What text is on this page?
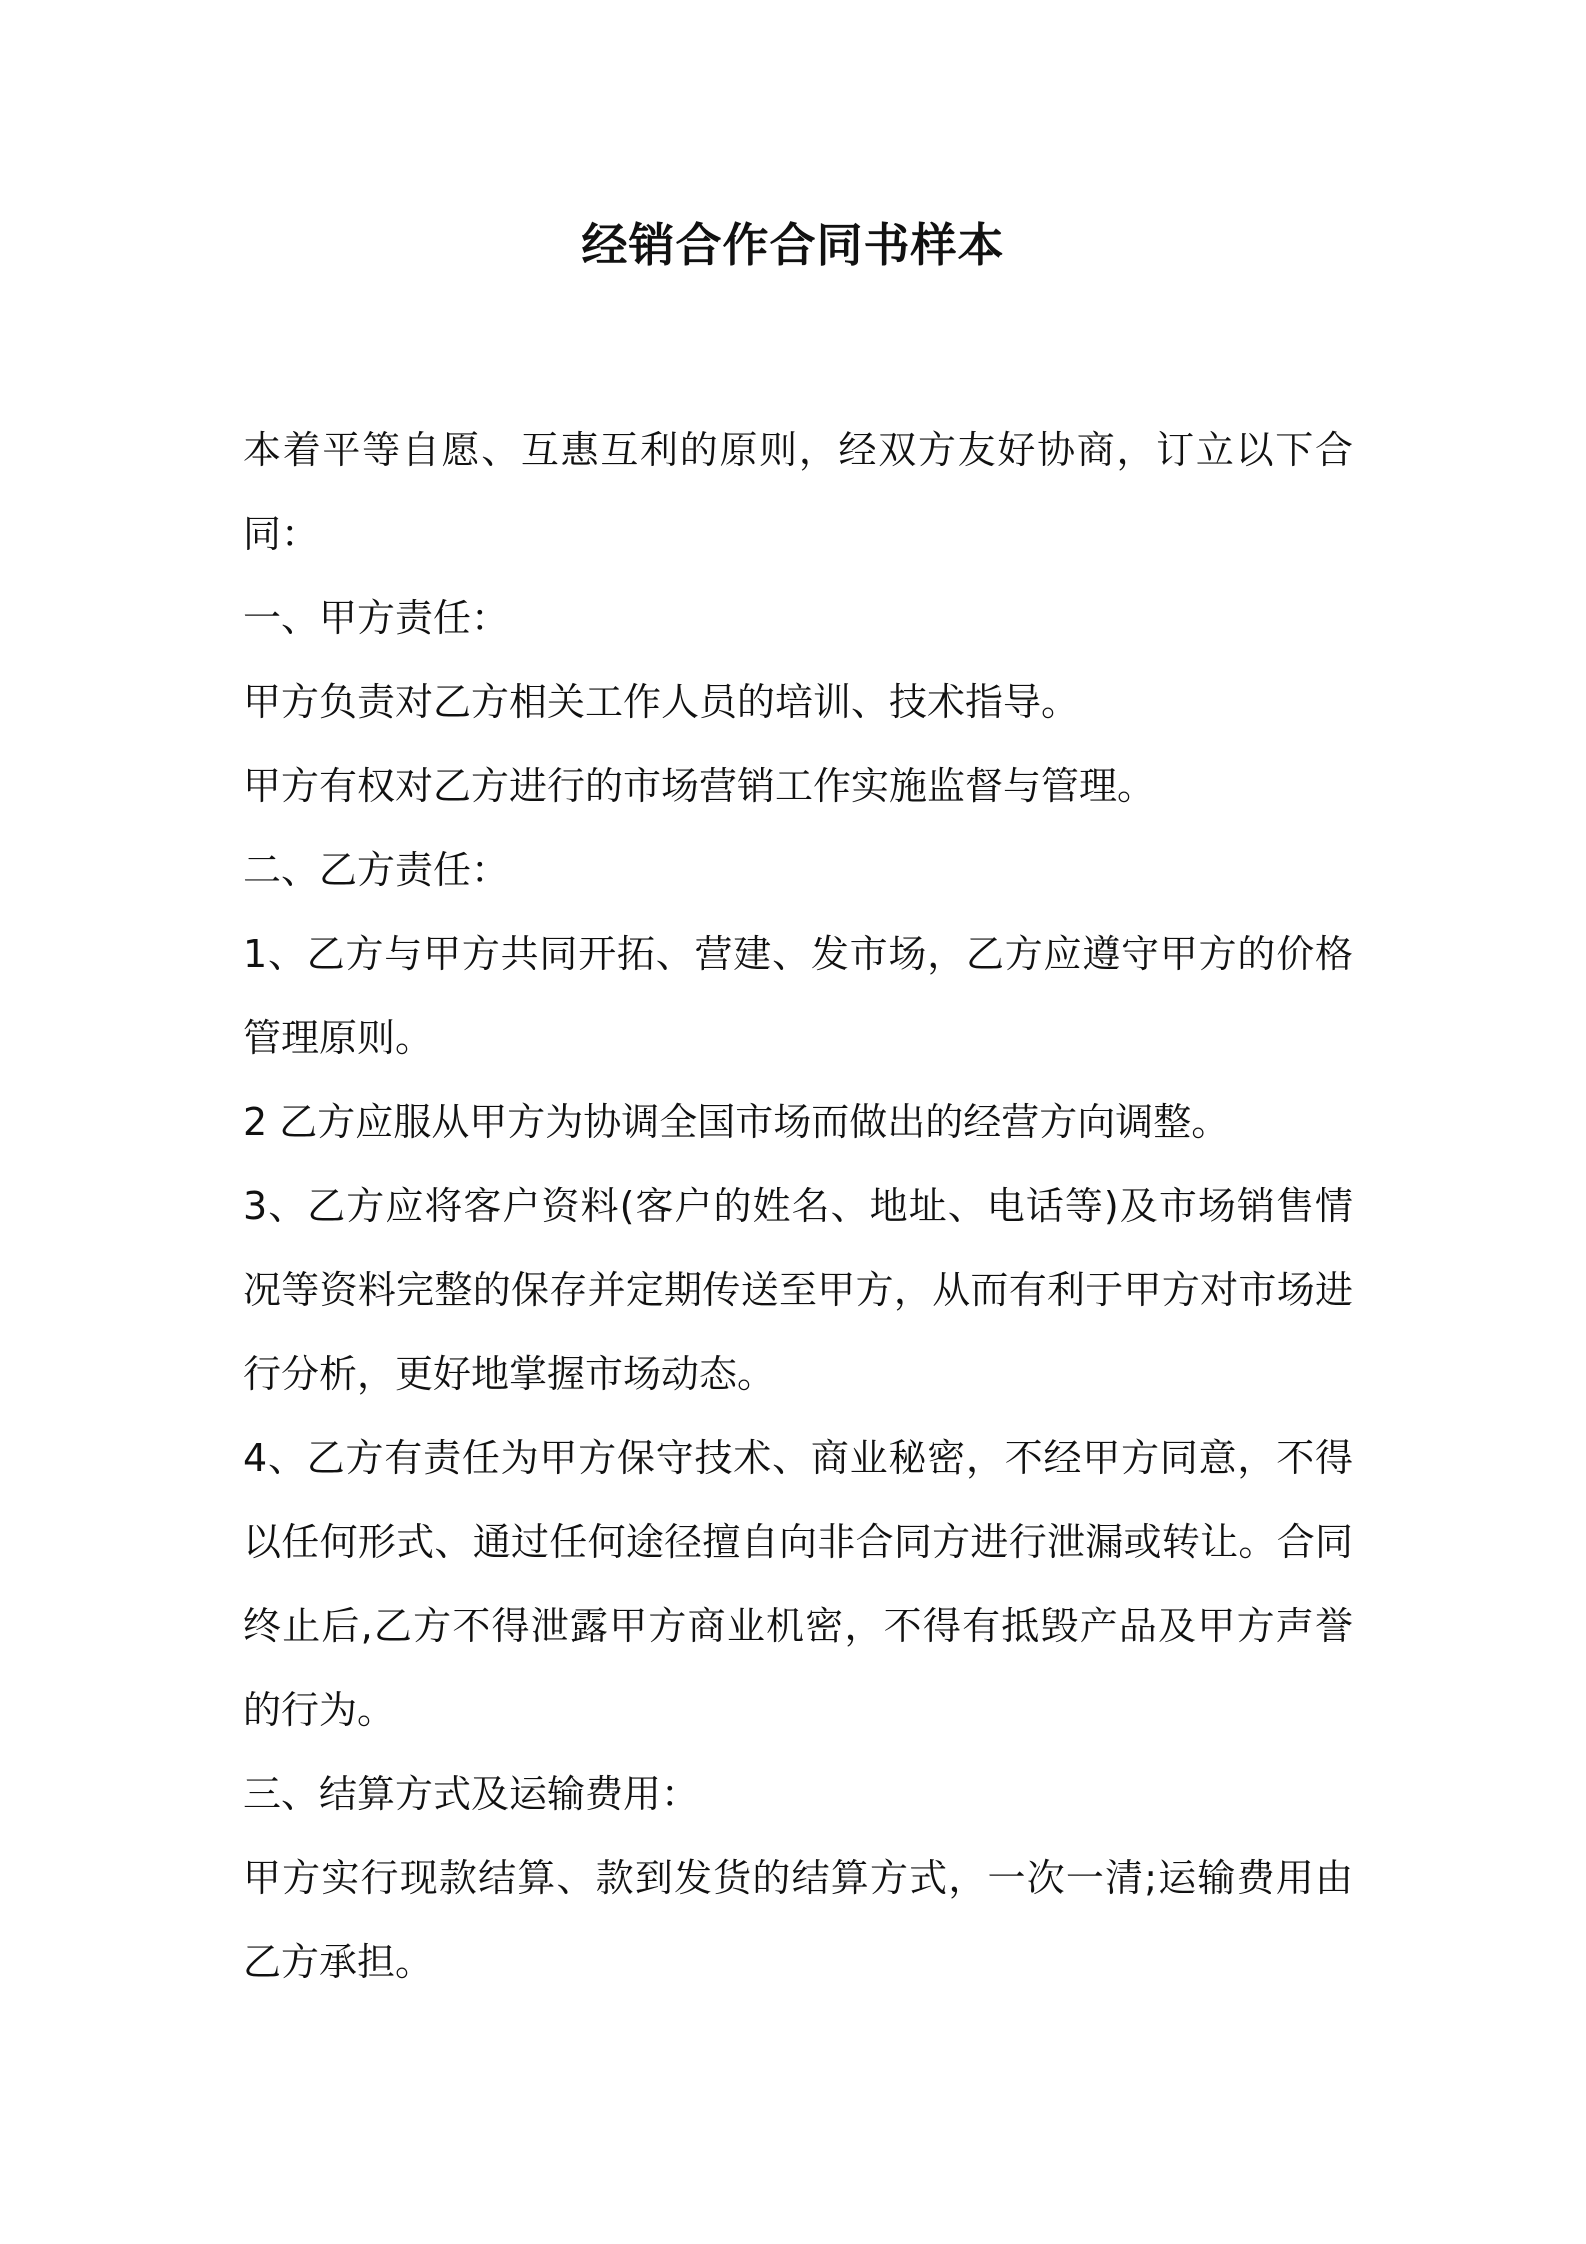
经销合作合同书样本

本着平等自愿、互惠互利的原则，经双方友好协商，订立以下合同：

一、甲方责任：

甲方负责对乙方相关工作人员的培训、技术指导。

甲方有权对乙方进行的市场营销工作实施监督与管理。

二、乙方责任：

1、乙方与甲方共同开拓、营建、发市场，乙方应遵守甲方的价格管理原则。

2 乙方应服从甲方为协调全国市场而做出的经营方向调整。

3、乙方应将客户资料(客户的姓名、地址、电话等)及市场销售情况等资料完整的保存并定期传送至甲方，从而有利于甲方对市场进行分析，更好地掌握市场动态。

4、乙方有责任为甲方保守技术、商业秘密，不经甲方同意，不得以任何形式、通过任何途径擅自向非合同方进行泄漏或转让。合同终止后,乙方不得泄露甲方商业机密，不得有抵毁产品及甲方声誉的行为。

三、结算方式及运输费用：

甲方实行现款结算、款到发货的结算方式，一次一清;运输费用由乙方承担。
